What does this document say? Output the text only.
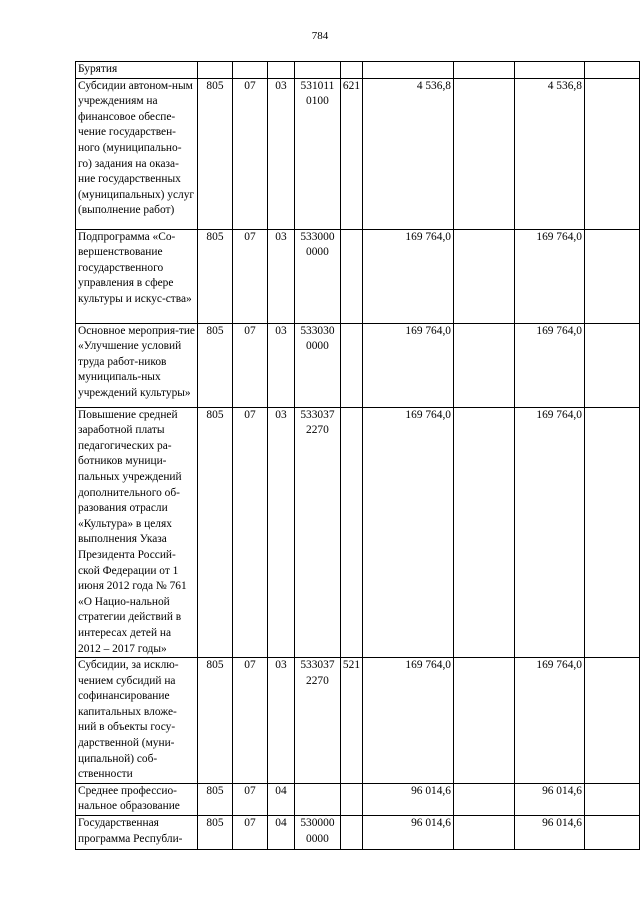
784
Бурятия									
Субсидии автоном-ным учреждениям на финансовое обеспе-чение государствен-ного (муниципально-го) задания на оказа-ние государственных (муниципальных) услуг (выполнение работ)	805	07	03	531011 0100	621	4 536,8		4 536,8	
Подпрограмма «Со-вершенствование государственного управления в сфере культуры и искус-ства»	805	07	03	533000 0000		169 764,0		169 764,0	
Основное мероприя-тие «Улучшение условий труда работ-ников муниципаль-ных учреждений культуры»	805	07	03	533030 0000		169 764,0		169 764,0	
Повышение средней заработной платы педагогических ра-ботников муници-пальных учреждений дополнительного об-разования отрасли «Культура» в целях выполнения Указа Президента Россий-ской Федерации от 1 июня 2012 года № 761 «О Нацио-нальной стратегии действий в интересах детей на 2012 – 2017 годы»	805	07	03	533037 2270		169 764,0		169 764,0	
Субсидии, за исклю-чением субсидий на софинансирование капитальных вложе-ний в объекты госу-дарственной (муни-ципальной) соб-ственности	805	07	03	533037 2270	521	169 764,0		169 764,0	
Среднее профессио-нальное образование	805	07	04			96 014,6		96 014,6	
Государственная программа Республи-	805	07	04	530000 0000		96 014,6		96 014,6	
